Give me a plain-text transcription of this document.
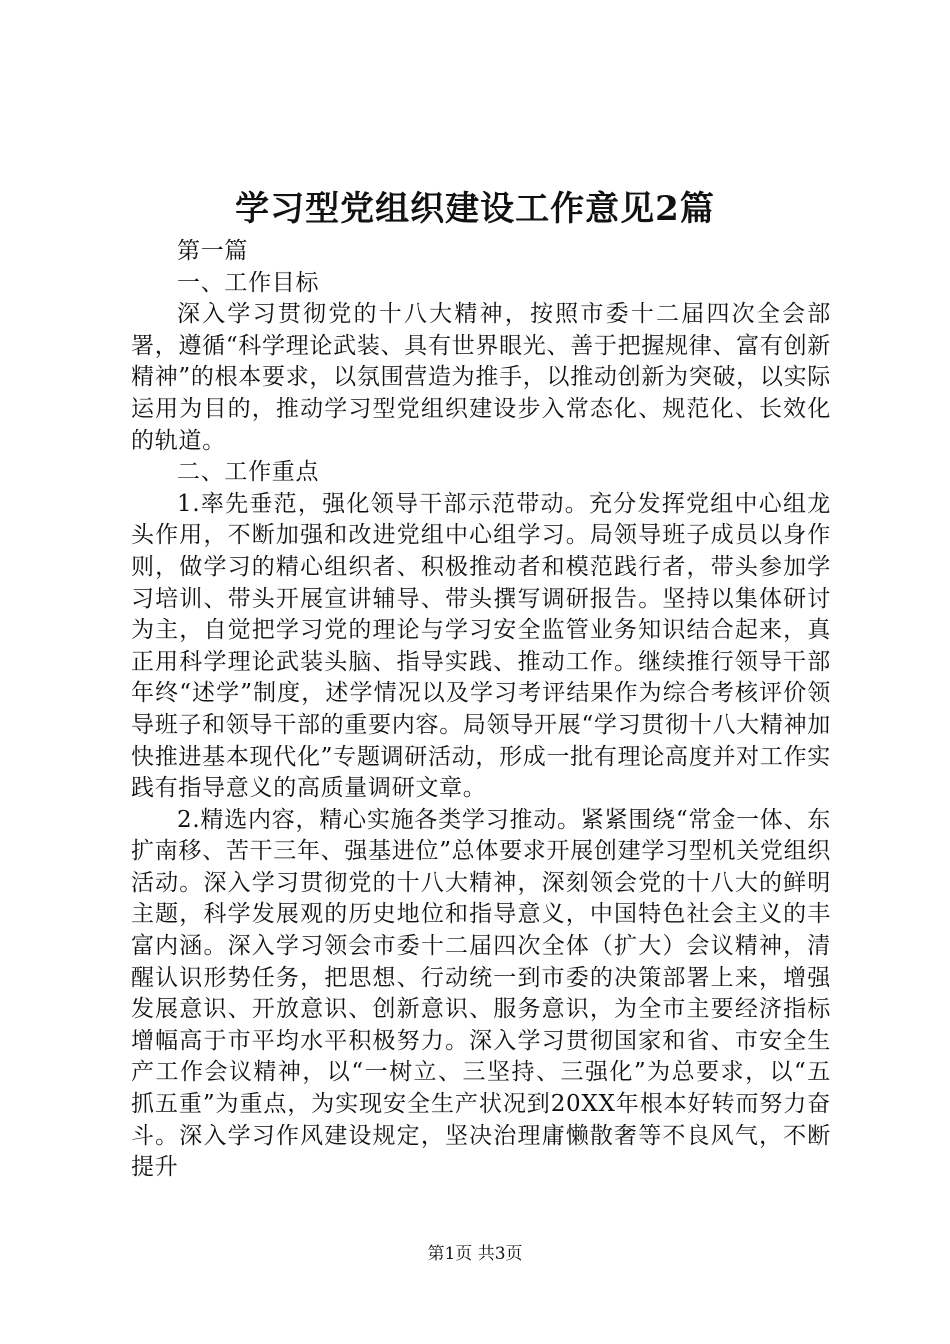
学习型党组织建设工作意见2篇

第一篇

一、工作目标

深入学习贯彻党的十八大精神，按照市委十二届四次全会部署，遵循“科学理论武装、具有世界眼光、善于把握规律、富有创新精神”的根本要求，以氛围营造为推手，以推动创新为突破，以实际运用为目的，推动学习型党组织建设步入常态化、规范化、长效化的轨道。

二、工作重点

1.率先垂范，强化领导干部示范带动。充分发挥党组中心组龙头作用，不断加强和改进党组中心组学习。局领导班子成员以身作则，做学习的精心组织者、积极推动者和模范践行者，带头参加学习培训、带头开展宣讲辅导、带头撰写调研报告。坚持以集体研讨为主，自觉把学习党的理论与学习安全监管业务知识结合起来，真正用科学理论武装头脑、指导实践、推动工作。继续推行领导干部年终“述学”制度，述学情况以及学习考评结果作为综合考核评价领导班子和领导干部的重要内容。局领导开展“学习贯彻十八大精神加快推进基本现代化”专题调研活动，形成一批有理论高度并对工作实践有指导意义的高质量调研文章。

2.精选内容，精心实施各类学习推动。紧紧围绕“常金一体、东扩南移、苦干三年、强基进位”总体要求开展创建学习型机关党组织活动。深入学习贯彻党的十八大精神，深刻领会党的十八大的鲜明主题，科学发展观的历史地位和指导意义，中国特色社会主义的丰富内涵。深入学习领会市委十二届四次全体（扩大）会议精神，清醒认识形势任务，把思想、行动统一到市委的决策部署上来，增强发展意识、开放意识、创新意识、服务意识，为全市主要经济指标增幅高于市平均水平积极努力。深入学习贯彻国家和省、市安全生产工作会议精神，以“一树立、三坚持、三强化”为总要求，以“五抓五重”为重点，为实现安全生产状况到20XX年根本好转而努力奋斗。深入学习作风建设规定，坚决治理庸懒散奢等不良风气，不断提升

第1页 共3页
